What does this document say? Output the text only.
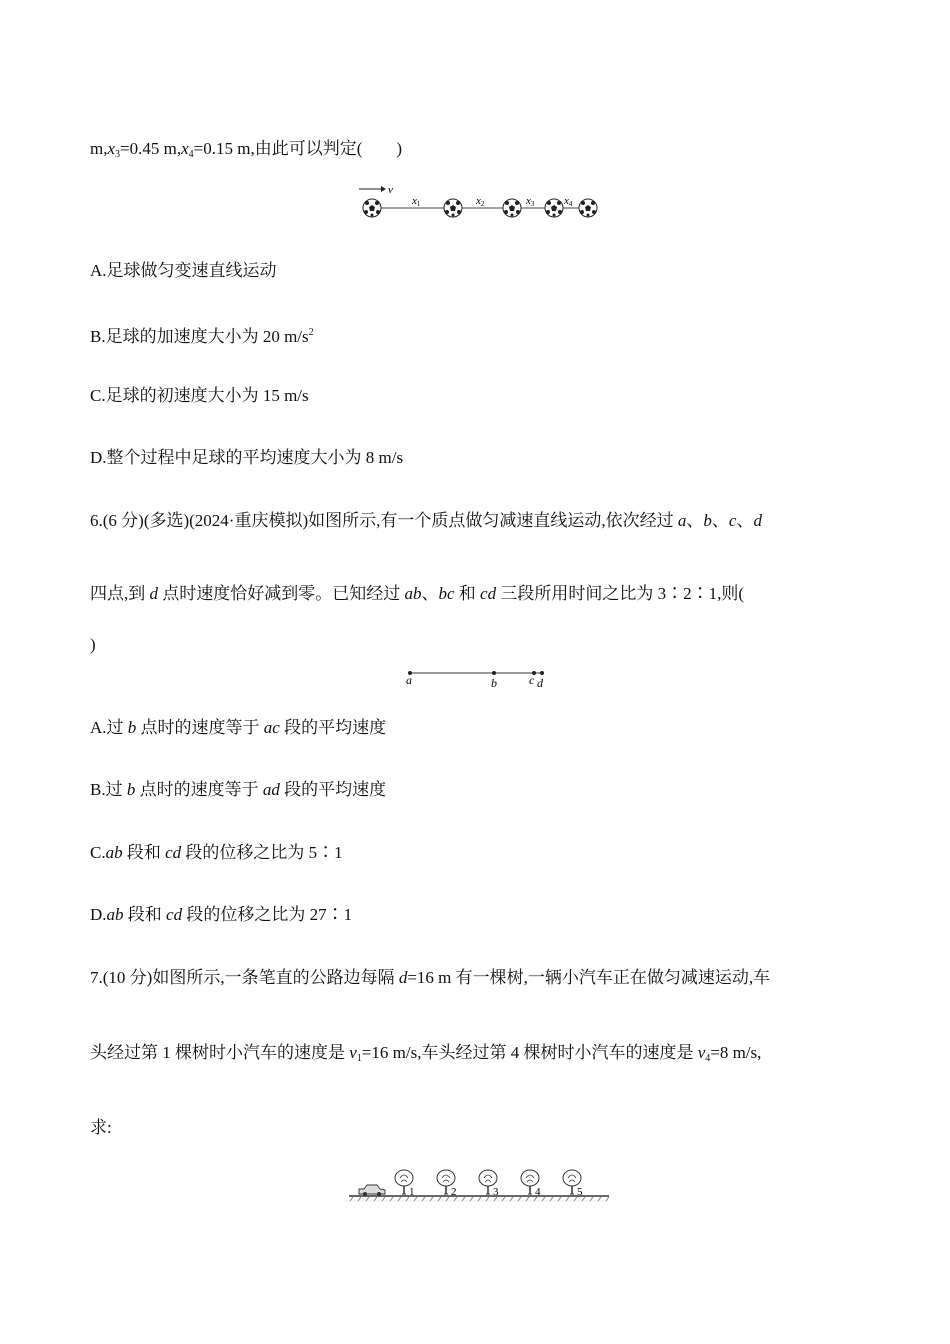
$m,x_3=0.45$ $m,x_4=0.15$ m,由此可以判定(　　)
v
x1	x2	x3	x4
A.足球做匀变速直线运动
B.足球的加速度大小为 20 $m/s^2$
C.足球的初速度大小为 15 m/s
D.整个过程中足球的平均速度大小为 8 m/s
6.(6 分)(多选)(2024·重庆模拟)如图所示,有一个质点做匀减速直线运动,依次经过 a、b、c、d
四点,到 d 点时速度恰好减到零。已知经过 ab、bc 和 cd 三段所用时间之比为 3∶2∶1,则(
)
a	b	c d
A.过 b 点时的速度等于 ac 段的平均速度
B.过 b 点时的速度等于 ad 段的平均速度
C.ab 段和 cd 段的位移之比为 5∶1
D.ab 段和 cd 段的位移之比为 27∶1
7.(10 分)如图所示,一条笔直的公路边每隔 d=16 m 有一棵树,一辆小汽车正在做匀减速运动,车
头经过第 1 棵树时小汽车的速度是 $v_1=16$ m/s,车头经过第 4 棵树时小汽车的速度是 $v_4=8$ m/s,
求:
1	2	3	4	5
